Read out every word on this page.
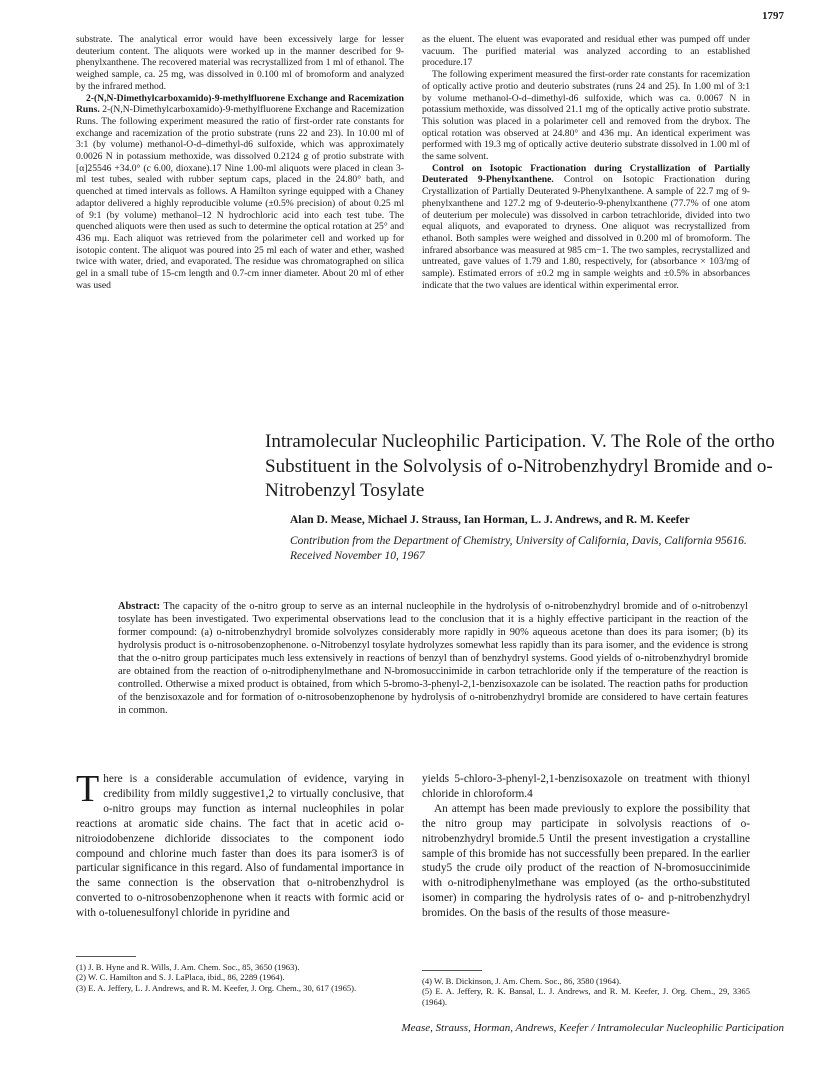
1797

substrate. The analytical error would have been excessively large for lesser deuterium content. The aliquots were worked up in the manner described for 9-phenylxanthene. The recovered material was recrystallized from 1 ml of ethanol. The weighed sample, ca. 25 mg, was dissolved in 0.100 ml of bromoform and analyzed by the infrared method.

2-(N,N-Dimethylcarboxamido)-9-methylfluorene Exchange and Racemization Runs. 2-(N,N-Dimethylcarboxamido)-9-methylfluorene Exchange and Racemization Runs. The following experiment measured the ratio of first-order rate constants for exchange and racemization of the protio substrate (runs 22 and 23). In 10.00 ml of 3:1 (by volume) methanol-O-d–dimethyl-d6 sulfoxide, which was approximately 0.0026 N in potassium methoxide, was dissolved 0.2124 g of protio substrate with [α]25546 +34.0° (c 6.00, dioxane).17 Nine 1.00-ml aliquots were placed in clean 3-ml test tubes, sealed with rubber septum caps, placed in the 24.80° bath, and quenched at timed intervals as follows. A Hamilton syringe equipped with a Chaney adaptor delivered a highly reproducible volume (±0.5% precision) of about 0.25 ml of 9:1 (by volume) methanol–12 N hydrochloric acid into each test tube. The quenched aliquots were then used as such to determine the optical rotation at 25° and 436 mμ. Each aliquot was retrieved from the polarimeter cell and worked up for isotopic content. The aliquot was poured into 25 ml each of water and ether, washed twice with water, dried, and evaporated. The residue was chromatographed on silica gel in a small tube of 15-cm length and 0.7-cm inner diameter. About 20 ml of ether was used

as the eluent. The eluent was evaporated and residual ether was pumped off under vacuum. The purified material was analyzed according to an established procedure.17

The following experiment measured the first-order rate constants for racemization of optically active protio and deuterio substrates (runs 24 and 25). In 1.00 ml of 3:1 by volume methanol-O-d–dimethyl-d6 sulfoxide, which was ca. 0.0067 N in potassium methoxide, was dissolved 21.1 mg of the optically active protio substrate. This solution was placed in a polarimeter cell and removed from the drybox. The optical rotation was observed at 24.80° and 436 mμ. An identical experiment was performed with 19.3 mg of optically active deuterio substrate dissolved in 1.00 ml of the same solvent.

Control on Isotopic Fractionation during Crystallization of Partially Deuterated 9-Phenylxanthene. Control on Isotopic Fractionation during Crystallization of Partially Deuterated 9-Phenylxanthene. A sample of 22.7 mg of 9-phenylxanthene and 127.2 mg of 9-deuterio-9-phenylxanthene (77.7% of one atom of deuterium per molecule) was dissolved in carbon tetrachloride, divided into two equal aliquots, and evaporated to dryness. One aliquot was recrystallized from ethanol. Both samples were weighed and dissolved in 0.200 ml of bromoform. The infrared absorbance was measured at 985 cm−1. The two samples, recrystallized and untreated, gave values of 1.79 and 1.80, respectively, for (absorbance × 103/mg of sample). Estimated errors of ±0.2 mg in sample weights and ±0.5% in absorbances indicate that the two values are identical within experimental error.

Intramolecular Nucleophilic Participation. V. The Role of the ortho Substituent in the Solvolysis of o-Nitrobenzhydryl Bromide and o-Nitrobenzyl Tosylate
Alan D. Mease, Michael J. Strauss, Ian Horman, L. J. Andrews, and R. M. Keefer
Contribution from the Department of Chemistry, University of California, Davis, California 95616. Received November 10, 1967
Abstract: The capacity of the o-nitro group to serve as an internal nucleophile in the hydrolysis of o-nitrobenzhydryl bromide and of o-nitrobenzyl tosylate has been investigated. Two experimental observations lead to the conclusion that it is a highly effective participant in the reaction of the former compound: (a) o-nitrobenzhydryl bromide solvolyzes considerably more rapidly in 90% aqueous acetone than does its para isomer; (b) its hydrolysis product is o-nitrosobenzophenone. o-Nitrobenzyl tosylate hydrolyzes somewhat less rapidly than its para isomer, and the evidence is strong that the o-nitro group participates much less extensively in reactions of benzyl than of benzhydryl systems. Good yields of o-nitrobenzhydryl bromide are obtained from the reaction of o-nitrodiphenylmethane and N-bromosuccinimide in carbon tetrachloride only if the temperature of the reaction is controlled. Otherwise a mixed product is obtained, from which 5-bromo-3-phenyl-2,1-benzisoxazole can be isolated. The reaction paths for production of the benzisoxazole and for formation of o-nitrosobenzophenone by hydrolysis of o-nitrobenzhydryl bromide are considered to have certain features in common.

There is a considerable accumulation of evidence, varying in credibility from mildly suggestive1,2 to virtually conclusive, that o-nitro groups may function as internal nucleophiles in polar reactions at aromatic side chains. The fact that in acetic acid o-nitroiodobenzene dichloride dissociates to the component iodo compound and chlorine much faster than does its para isomer3 is of particular significance in this regard. Also of fundamental importance in the same connection is the observation that o-nitrobenzhydrol is converted to o-nitrosobenzophenone when it reacts with formic acid or with o-toluenesulfonyl chloride in pyridine and

yields 5-chloro-3-phenyl-2,1-benzisoxazole on treatment with thionyl chloride in chloroform.4

An attempt has been made previously to explore the possibility that the nitro group may participate in solvolysis reactions of o-nitrobenzhydryl bromide.5 Until the present investigation a crystalline sample of this bromide has not successfully been prepared. In the earlier study5 the crude oily product of the reaction of N-bromosuccinimide with o-nitrodiphenylmethane was employed (as the ortho-substituted isomer) in comparing the hydrolysis rates of o- and p-nitrobenzhydryl bromides. On the basis of the results of those measure-

(1) J. B. Hyne and R. Wills, J. Am. Chem. Soc., 85, 3650 (1963).
(2) W. C. Hamilton and S. J. LaPlaca, ibid., 86, 2289 (1964).
(3) E. A. Jeffery, L. J. Andrews, and R. M. Keefer, J. Org. Chem., 30, 617 (1965).
(4) W. B. Dickinson, J. Am. Chem. Soc., 86, 3580 (1964).
(5) E. A. Jeffery, R. K. Bansal, L. J. Andrews, and R. M. Keefer, J. Org. Chem., 29, 3365 (1964).
Mease, Strauss, Horman, Andrews, Keefer / Intramolecular Nucleophilic Participation
